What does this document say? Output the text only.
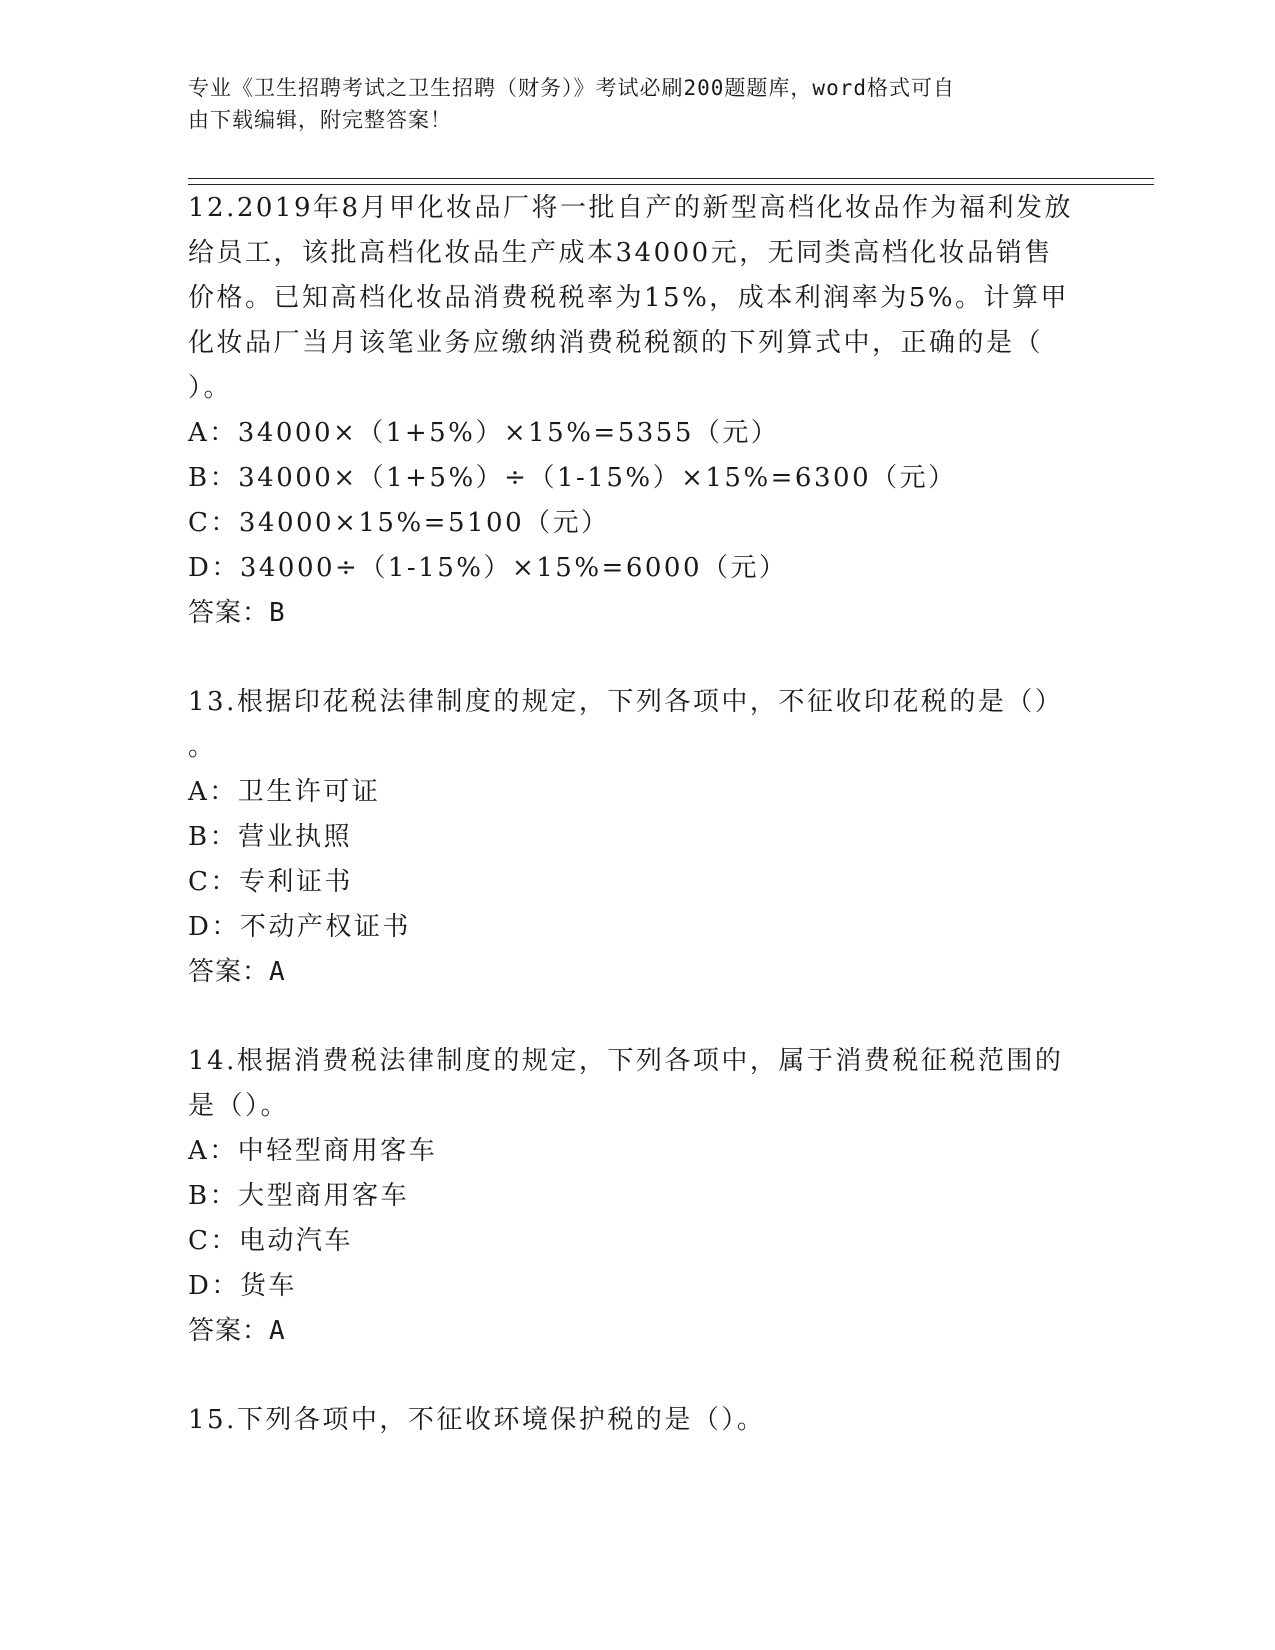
专业《卫生招聘考试之卫生招聘（财务）》考试必刷200题题库，word格式可自
由下载编辑，附完整答案！
12.2019年8月甲化妆品厂将一批自产的新型高档化妆品作为福利发放
给员工，该批高档化妆品生产成本34000元，无同类高档化妆品销售
价格。已知高档化妆品消费税税率为15%，成本利润率为5%。计算甲
化妆品厂当月该笔业务应缴纳消费税税额的下列算式中，正确的是（
）。
A：34000×（1+5%）×15%=5355（元）
B：34000×（1+5%）÷（1-15%）×15%=6300（元）
C：34000×15%=5100（元）
D：34000÷（1-15%）×15%=6000（元）
答案：B
13.根据印花税法律制度的规定，下列各项中，不征收印花税的是（）
。
A：卫生许可证
B：营业执照
C：专利证书
D：不动产权证书
答案：A
14.根据消费税法律制度的规定，下列各项中，属于消费税征税范围的
是（）。
A：中轻型商用客车
B：大型商用客车
C：电动汽车
D：货车
答案：A
15.下列各项中，不征收环境保护税的是（）。
